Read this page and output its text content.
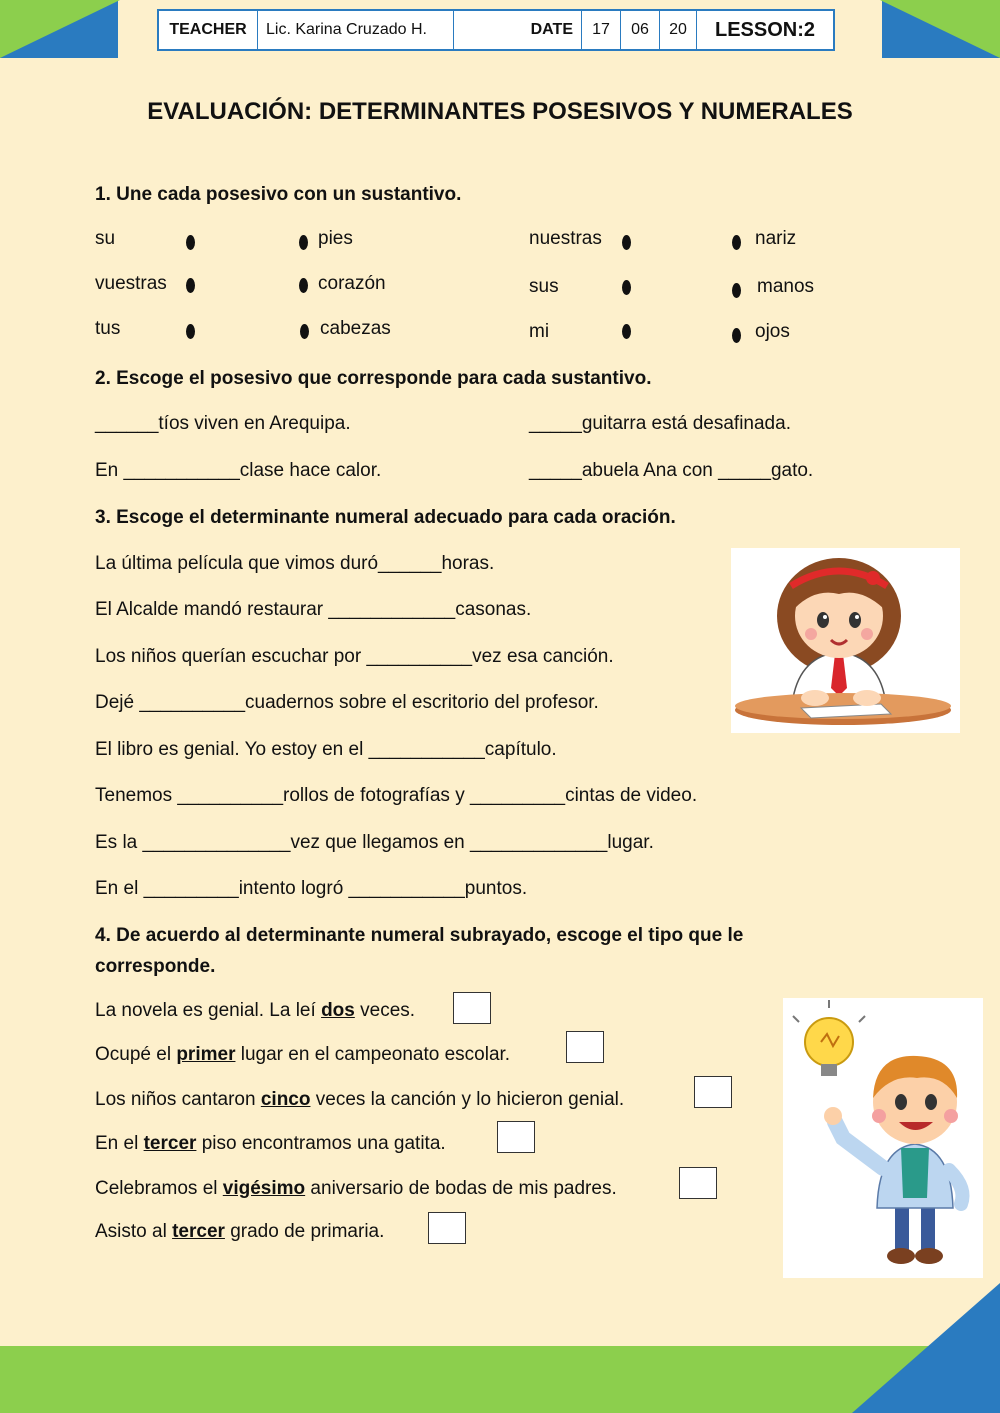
TEACHER	Lic. Karina Cruzado H.	DATE	17	06	20	LESSON:2
EVALUACIÓN: DETERMINANTES POSESIVOS Y NUMERALES
1. Une cada posesivo con un sustantivo.
su	pies
vuestras	corazón
tus	cabezas
nuestras	nariz
sus	manos
mi	ojos
2. Escoge el posesivo que corresponde para cada sustantivo.
______tíos viven en Arequipa.	_____guitarra está desafinada.
En ___________clase hace calor.	_____abuela Ana con _____gato.
3. Escoge el determinante numeral adecuado para cada oración.
La última película que vimos duró______horas.
El Alcalde mandó restaurar ____________casonas.
Los niños querían escuchar por __________vez esa canción.
Dejé __________cuadernos sobre el escritorio del profesor.
El libro es genial. Yo estoy en el ___________capítulo.
Tenemos __________rollos de fotografías y _________cintas de video.
Es la ______________vez que llegamos en _____________lugar.
En el _________intento logró ___________puntos.
4. De acuerdo al determinante numeral subrayado, escoge el tipo que le
corresponde.
La novela es genial. La leí dos veces.
Ocupé el primer lugar en el campeonato escolar.
Los niños cantaron cinco veces la canción y lo hicieron genial.
En el tercer piso encontramos una gatita.
Celebramos el vigésimo aniversario de bodas de mis padres.
Asisto al tercer grado de primaria.
